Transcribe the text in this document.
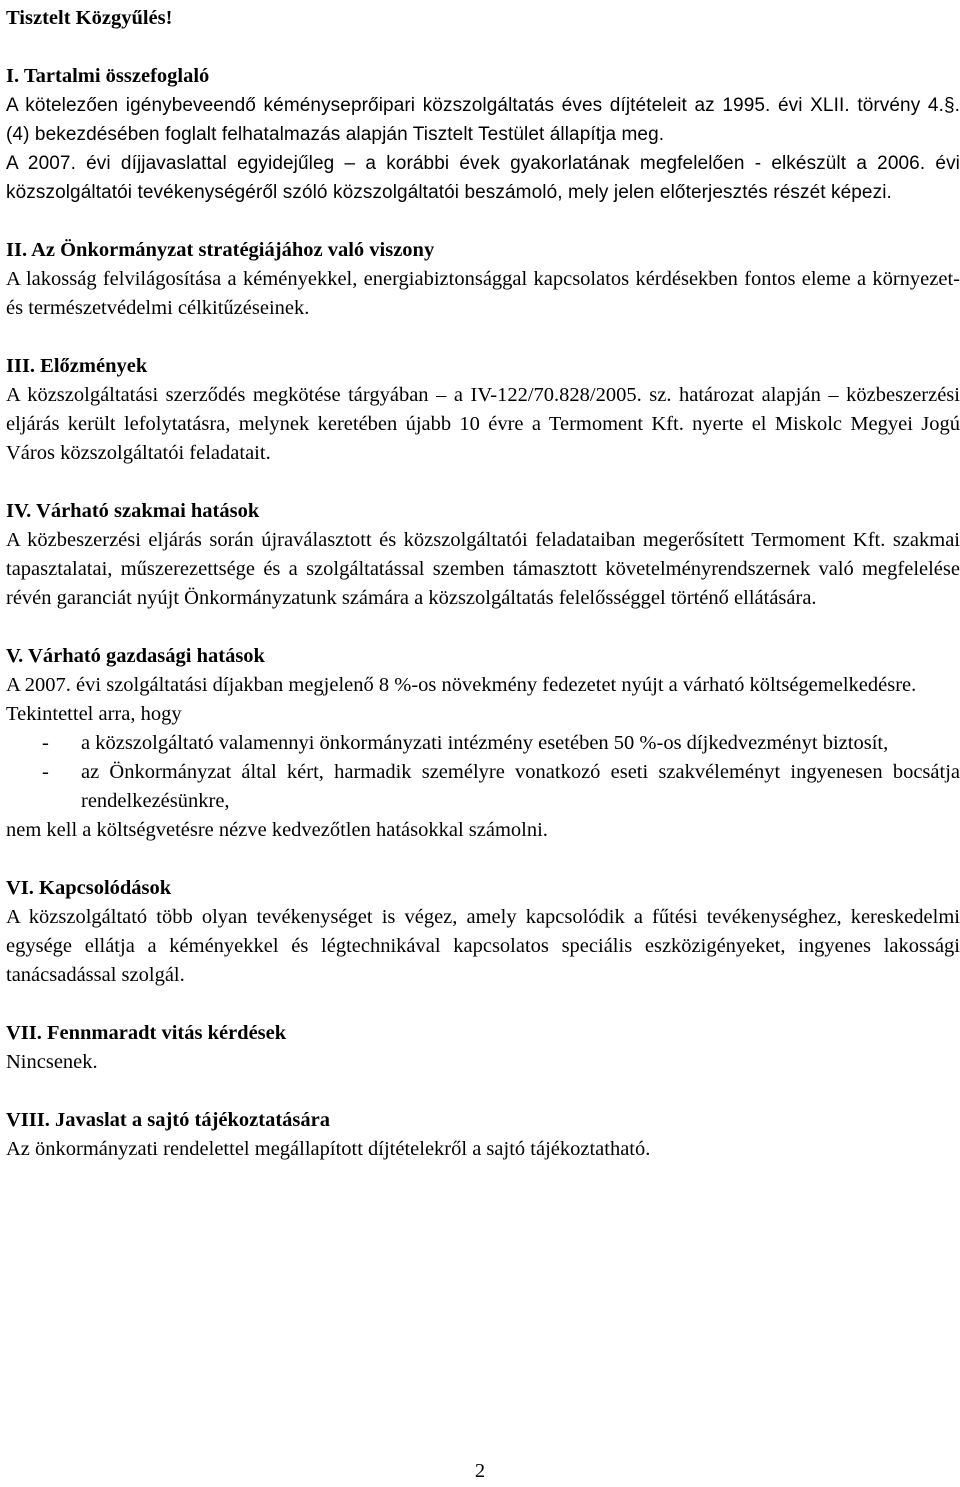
Tisztelt Közgyűlés!
I. Tartalmi összefoglaló

A kötelezően igénybeveendő kéményseprőipari közszolgáltatás éves díjtételeit az 1995. évi XLII. törvény 4.§. (4) bekezdésében foglalt felhatalmazás alapján Tisztelt Testület állapítja meg.

A 2007. évi díjjavaslattal egyidejűleg – a korábbi évek gyakorlatának megfelelően - elkészült a 2006. évi közszolgáltatói tevékenységéről szóló közszolgáltatói beszámoló, mely jelen előterjesztés részét képezi.

II. Az Önkormányzat stratégiájához való viszony

A lakosság felvilágosítása a kéményekkel, energiabiztonsággal kapcsolatos kérdésekben fontos eleme a környezet- és természetvédelmi célkitűzéseinek.

III. Előzmények

A közszolgáltatási szerződés megkötése tárgyában – a IV-122/70.828/2005. sz. határozat alapján – közbeszerzési eljárás került lefolytatásra, melynek keretében újabb 10 évre a Termoment Kft. nyerte el Miskolc Megyei Jogú Város közszolgáltatói feladatait.

IV. Várható szakmai hatások

A közbeszerzési eljárás során újraválasztott és közszolgáltatói feladataiban megerősített Termoment Kft. szakmai tapasztalatai, műszerezettsége és a szolgáltatással szemben támasztott követelményrendszernek való megfelelése révén garanciát nyújt Önkormányzatunk számára a közszolgáltatás felelősséggel történő ellátására.

V. Várható gazdasági hatások

A 2007. évi szolgáltatási díjakban megjelenő 8 %-os növekmény fedezetet nyújt a várható költségemelkedésre.

Tekintettel arra, hogy

- a közszolgáltató valamennyi önkormányzati intézmény esetében 50 %-os díjkedvezményt biztosít,
- az Önkormányzat által kért, harmadik személyre vonatkozó eseti szakvéleményt ingyenesen bocsátja rendelkezésünkre,

nem kell a költségvetésre nézve kedvezőtlen hatásokkal számolni.

VI. Kapcsolódások

A közszolgáltató több olyan tevékenységet is végez, amely kapcsolódik a fűtési tevékenységhez, kereskedelmi egysége ellátja a kéményekkel és légtechnikával kapcsolatos speciális eszközigényeket, ingyenes lakossági tanácsadással szolgál.

VII. Fennmaradt vitás kérdések

Nincsenek.

VIII. Javaslat a sajtó tájékoztatására

Az önkormányzati rendelettel megállapított díjtételekről a sajtó tájékoztatható.

2
